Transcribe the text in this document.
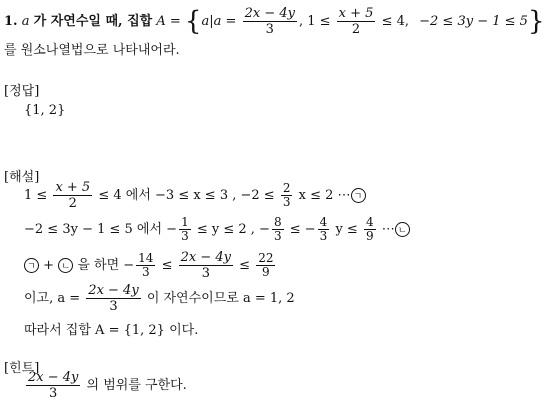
1. a 가 자연수일 때, 집합 $A = \{a|a = \frac{2x - 4y}{3}$ , $1 \le \frac{x + 5}{2} \le 4$, −2 ≤ 3y − 1 ≤ 5}
를 원소나열법으로 나타내어라.
[정답]
{1, 2}
[해설]
$1 \le \frac{x + 5}{2} \le 4$ 에서 −3 ≤ x ≤ 3 , $-2 \le \frac{2}{3}$ x ≤ 2 ⋯ ㄱ
−2 ≤ 3y − 1 ≤ 5 에서 − $\frac{1}{3} \le y \le 2$ , − $\frac{8}{3}$ ≤ − $\frac{4}{3}$ $y \le \frac{4}{9}$ ⋯ ㄴ
ㄱ + ㄴ 을 하면 − $\frac{14}{3} \le \frac{2x - 4y}{3} \le \frac{22}{9}$
이고, $a = \frac{2x - 4y}{3}$ 이 자연수이므로 a = 1, 2
따라서 집합 A = {1, 2} 이다.
[힌트]
$\frac{2x - 4y}{3}$ 의 범위를 구한다.
